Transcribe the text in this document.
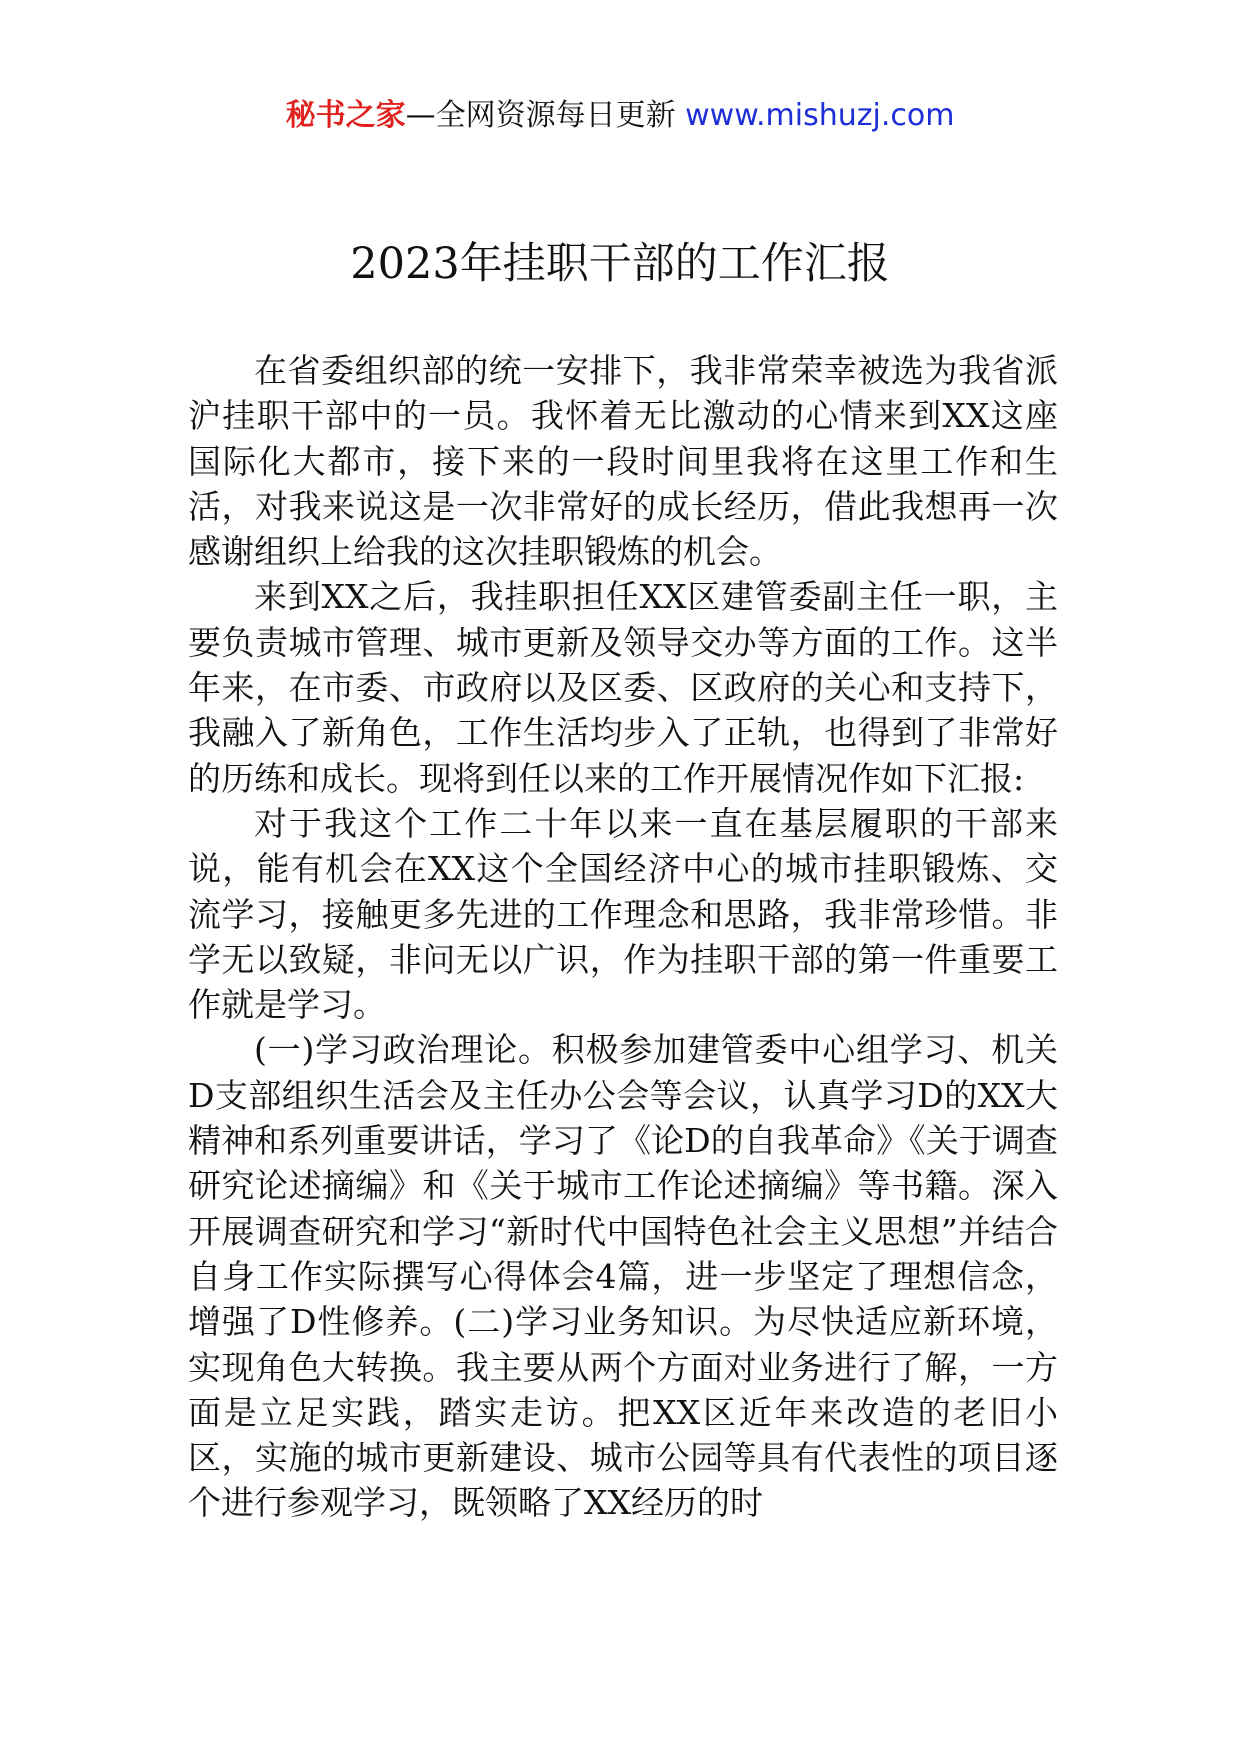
秘书之家—全网资源每日更新 www.mishuzj.com
2023年挂职干部的工作汇报

在省委组织部的统一安排下，我非常荣幸被选为我省派沪挂职干部中的一员。我怀着无比激动的心情来到XX这座国际化大都市，接下来的一段时间里我将在这里工作和生活，对我来说这是一次非常好的成长经历，借此我想再一次感谢组织上给我的这次挂职锻炼的机会。

来到XX之后，我挂职担任XX区建管委副主任一职，主要负责城市管理、城市更新及领导交办等方面的工作。这半年来，在市委、市政府以及区委、区政府的关心和支持下，我融入了新角色，工作生活均步入了正轨，也得到了非常好的历练和成长。现将到任以来的工作开展情况作如下汇报:

对于我这个工作二十年以来一直在基层履职的干部来说，能有机会在XX这个全国经济中心的城市挂职锻炼、交流学习，接触更多先进的工作理念和思路，我非常珍惜。非学无以致疑，非问无以广识，作为挂职干部的第一件重要工作就是学习。

(一)学习政治理论。积极参加建管委中心组学习、机关D支部组织生活会及主任办公会等会议，认真学习D的XX大精神和系列重要讲话，学习了《论D的自我革命》《关于调查研究论述摘编》和《关于城市工作论述摘编》等书籍。深入开展调查研究和学习“新时代中国特色社会主义思想”并结合自身工作实际撰写心得体会4篇，进一步坚定了理想信念，增强了D性修养。(二)学习业务知识。为尽快适应新环境，实现角色大转换。我主要从两个方面对业务进行了解，一方面是立足实践，踏实走访。把XX区近年来改造的老旧小区，实施的城市更新建设、城市公园等具有代表性的项目逐个进行参观学习，既领略了XX经历的时
